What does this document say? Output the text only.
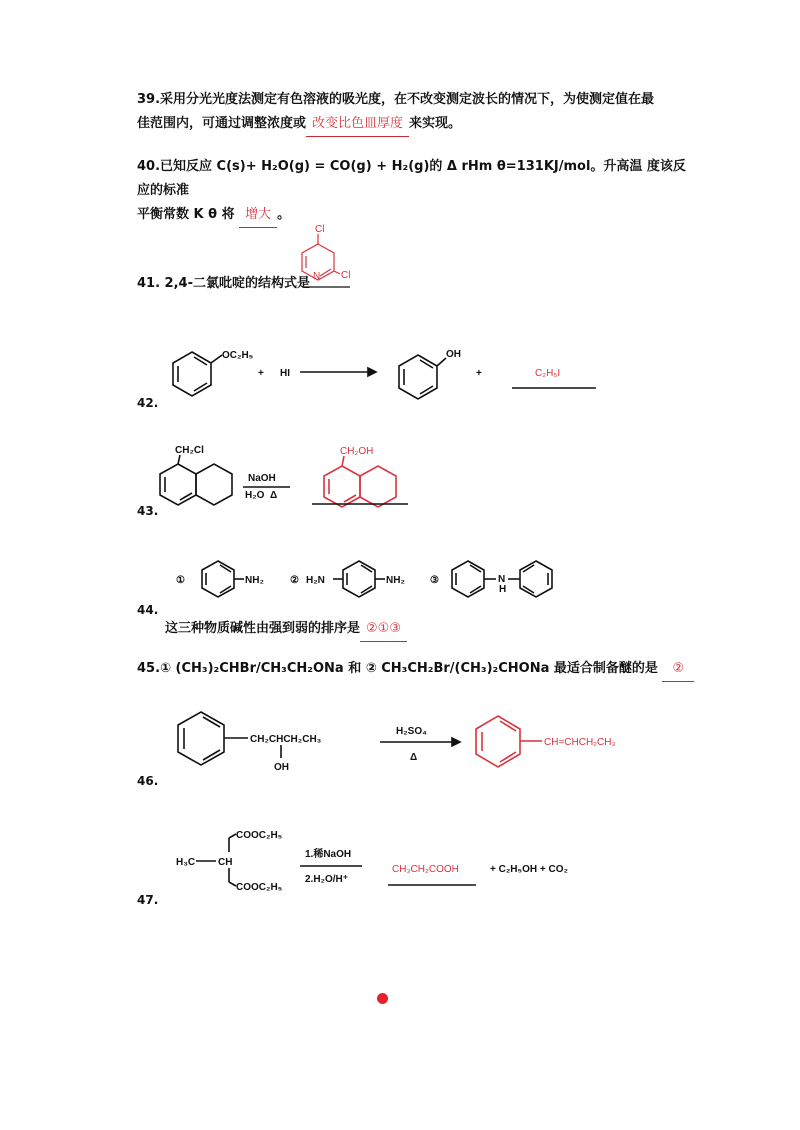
39.采用分光光度法测定有色溶液的吸光度，在不改变测定波长的情况下，为使测定值在最
佳范围内，可通过调整浓度或 改变比色皿厚度 来实现。
40.已知反应 C(s)+ H₂O(g) = CO(g) + H₂(g)的 Δ rHm θ=131KJ/mol。升高温 度该反应的标准
平衡常数 K θ 将 增大 。
41. 2,4-二氯吡啶的结构式是
42.
43.
44.
这三种物质碱性由强到弱的排序是 ②①③
45.① (CH₃)₂CHBr/CH₃CH₂ONa 和 ② CH₃CH₂Br/(CH₃)₂CHONa 最适合制备醚的是 ②
46.
47.
Cl
N Cl
OC₂H₅
+ HI
OH
+	C₂H₅I
CH₂Cl
NaOH
H₂O Δ
CH₂OH
①	NH₂	② H₂N	NH₂	③	N
H
CH₂CHCH₂CH₃
OH
H₂SO₄
Δ
CH=CHCH₂CH₃
COOC₂H₅
H₃C CH
COOC₂H₅
1.稀NaOH
2.H₂O/H⁺
CH₃CH₂COOH	+ C₂H₅OH + CO₂
